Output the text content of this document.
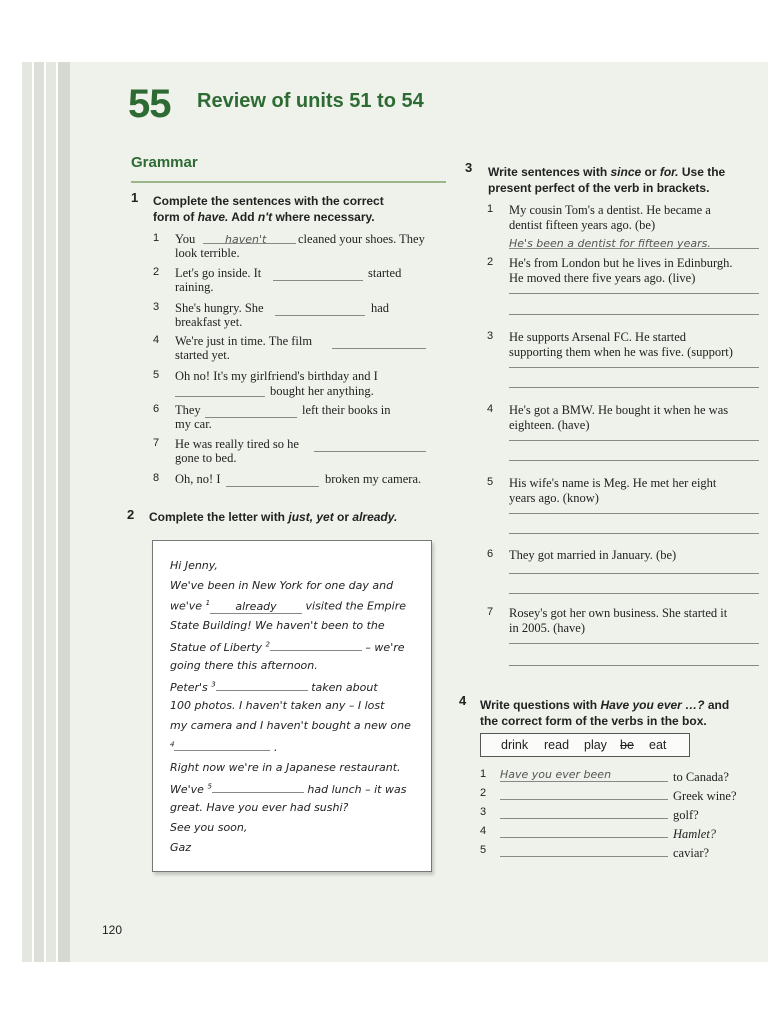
55 Review of units 51 to 54
Grammar
1 Complete the sentences with the correct
form of have. Add n't where necessary.
1 You	haven't	cleaned your shoes. They
look terrible.
2 Let's go inside. It	started
raining.
3 She's hungry. She	had
breakfast yet.
4 We're just in time. The film
started yet.
5 Oh no! It's my girlfriend's birthday and I
bought her anything.
6 They	left their books in
my car.
7 He was really tired so he
gone to bed.
8 Oh, no! I	broken my camera.
2 Complete the letter with just, yet or already.
Hi Jenny,
We've been in New York for one day and
we've $^1$ already visited the Empire
State Building! We haven't been to the
Statue of Liberty $^2$	– we're
going there this afternoon.
Peter's $^3$	taken about
100 photos. I haven't taken any – I lost
my camera and I haven't bought a new one
$^4$	.
Right now we're in a Japanese restaurant.
We've $^5$	had lunch – it was
great. Have you ever had sushi?
See you soon,
Gaz
3 Write sentences with since or for. Use the
present perfect of the verb in brackets.
1 My cousin Tom's a dentist. He became a
dentist fifteen years ago. (be)
He's been a dentist for fifteen years.
2 He's from London but he lives in Edinburgh.
He moved there five years ago. (live)
3 He supports Arsenal FC. He started
supporting them when he was five. (support)
4 He's got a BMW. He bought it when he was
eighteen. (have)
5 His wife's name is Meg. He met her eight
years ago. (know)
6 They got married in January. (be)
7 Rosey's got her own business. She started it
in 2005. (have)
4 Write questions with Have you ever …? and
the correct form of the verbs in the box.
drink read play be eat
1 Have you ever been	to Canada?
2	Greek wine?
3	golf?
4	Hamlet?
5	caviar?
120
